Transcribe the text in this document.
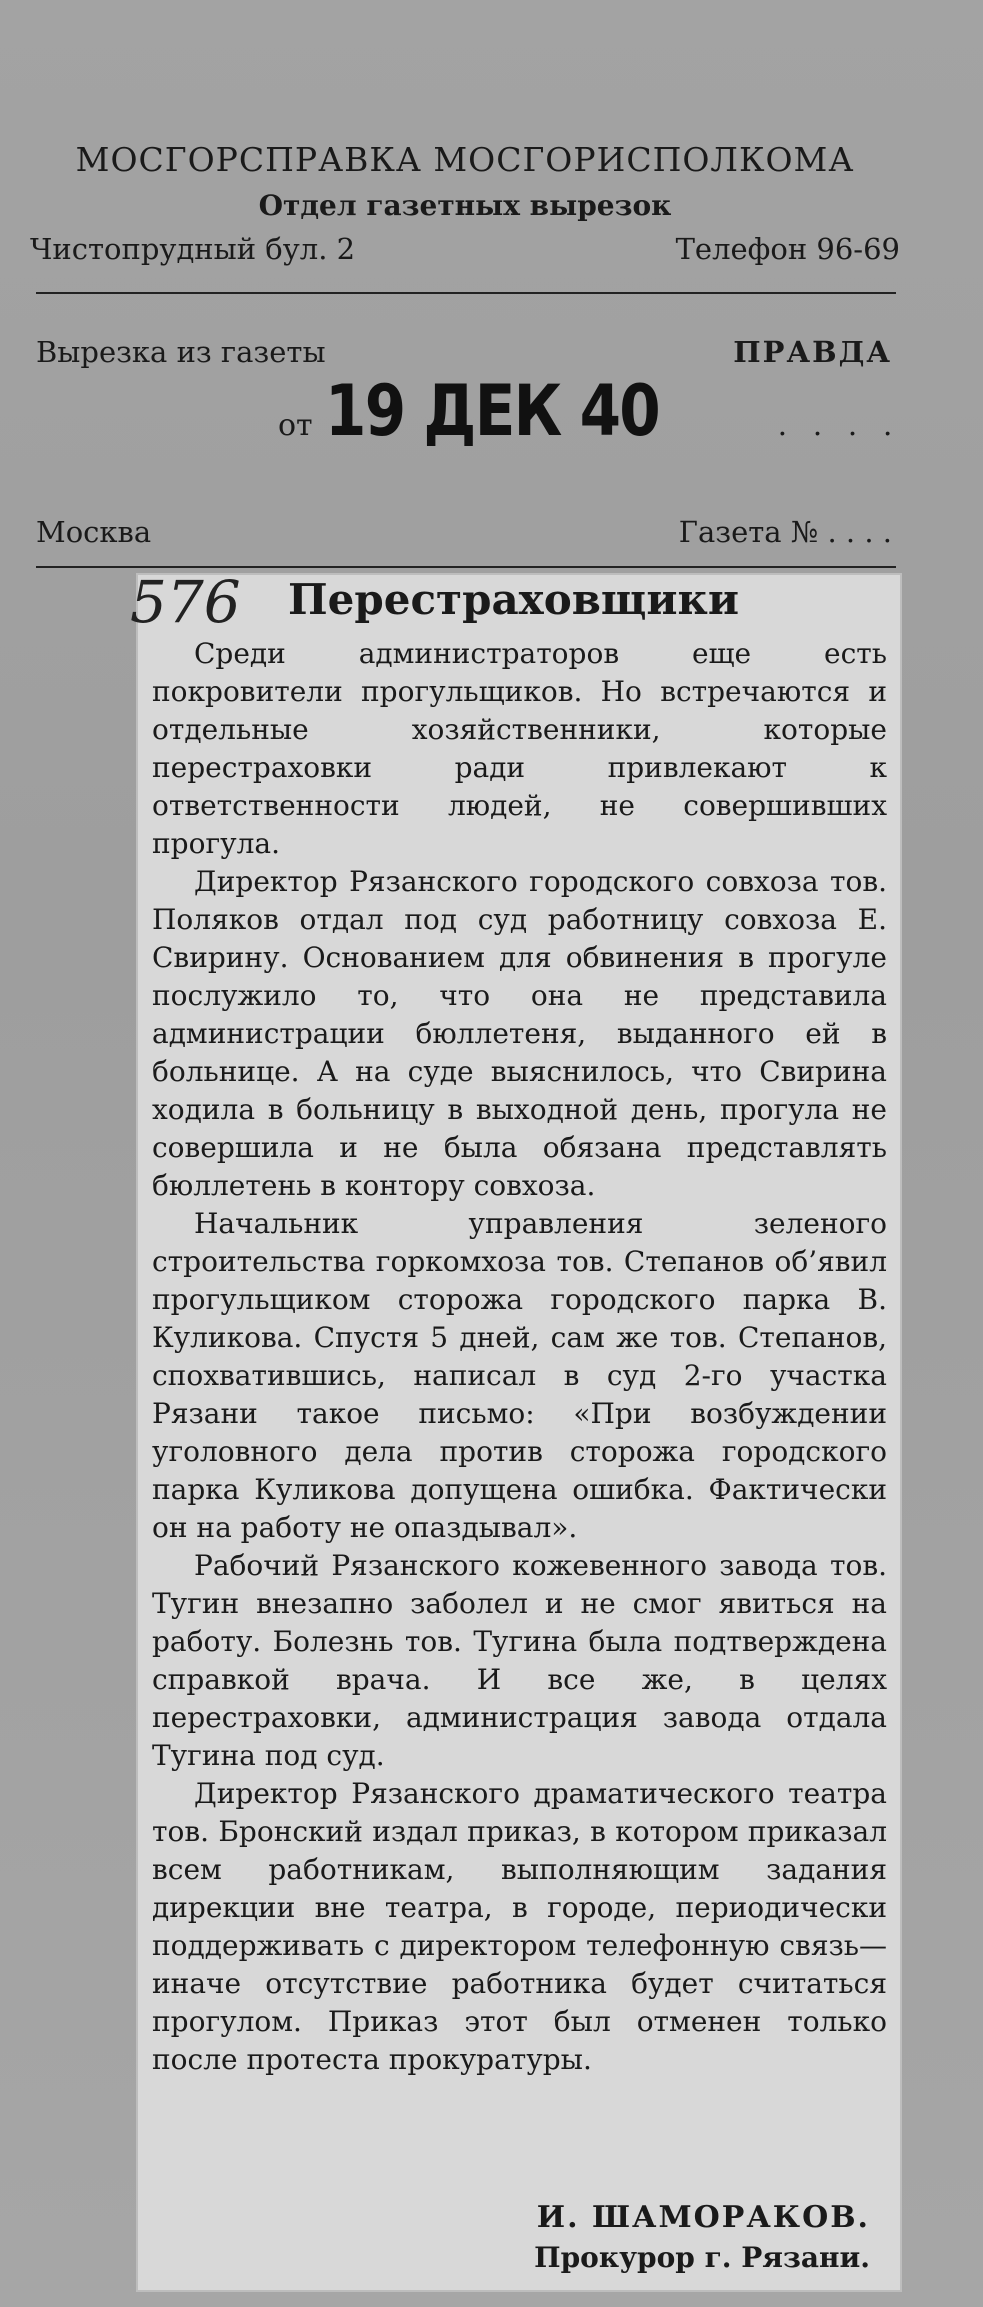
МОСГОРСПРАВКА МОСГОРИСПОЛКОМА
Отдел газетных вырезок
Чистопрудный бул. 2	Телефон 96-69
Вырезка из газеты	ПРАВДА
от 19 ДЕК 40	. . . .
Москва	Газета № . . . .
Перестраховщики

Среди администраторов еще есть покровители прогульщиков. Но встречаются и отдельные хозяйственники, которые перестраховки ради привлекают к ответственности людей, не совершивших прогула.

Директор Рязанского городского совхоза тов. Поляков отдал под суд работницу совхоза Е. Свирину. Основанием для обвинения в прогуле послужило то, что она не представила администрации бюллетеня, выданного ей в больнице. А на суде выяснилось, что Свирина ходила в больницу в выходной день, прогула не совершила и не была обязана представлять бюллетень в контору совхоза.

Начальник управления зеленого строительства горкомхоза тов. Степанов об’явил прогульщиком сторожа городского парка В. Куликова. Спустя 5 дней, сам же тов. Степанов, спохватившись, написал в суд 2-го участка Рязани такое письмо: «При возбуждении уголовного дела против сторожа городского парка Куликова допущена ошибка. Фактически он на работу не опаздывал».

Рабочий Рязанского кожевенного завода тов. Тугин внезапно заболел и не смог явиться на работу. Болезнь тов. Тугина была подтверждена справкой врача. И все же, в целях перестраховки, администрация завода отдала Тугина под суд.

Директор Рязанского драматического театра тов. Бронский издал приказ, в котором приказал всем работникам, выполняющим задания дирекции вне театра, в городе, периодически поддерживать с директором телефонную связь—иначе отсутствие работника будет считаться прогулом. Приказ этот был отменен только после протеста прокуратуры.

И. ШАМОРАКОВ.
Прокурор г. Рязани.
576
